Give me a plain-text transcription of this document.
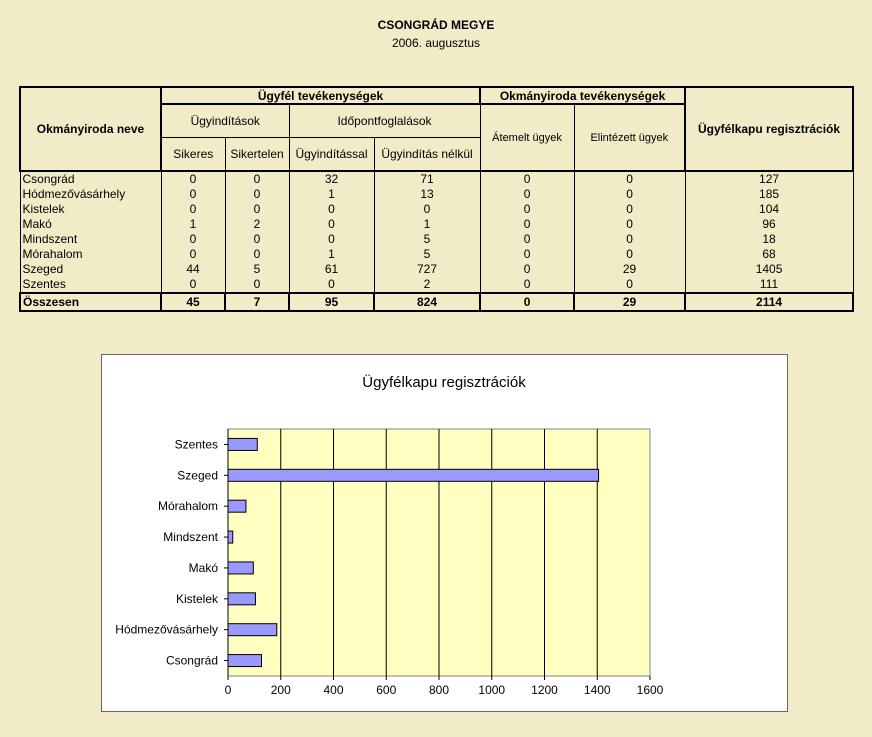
CSONGRÁD MEGYE
2006. augusztus
Okmányiroda neve	Ügyfél tevékenységek				Okmányiroda tevékenységek		Ügyfélkapu regisztrációk
	Ügyindítások		Időpontfoglalások		Átemelt ügyek	Elintézett ügyek	
	Sikeres	Sikertelen	Ügyindítással	Ügyindítás nélkül			
Csongrád	0	0	32	71	0	0	127
Hódmezővásárhely	0	0	1	13	0	0	185
Kistelek	0	0	0	0	0	0	104
Makó	1	2	0	1	0	0	96
Mindszent	0	0	0	5	0	0	18
Mórahalom	0	0	1	5	0	0	68
Szeged	44	5	61	727	0	29	1405
Szentes	0	0	0	2	0	0	111
Összesen	45	7	95	824	0	29	2114
Ügyfélkapu regisztrációk
0	200	400	600	800 1000 1200 1400 1600
Szentes
Szeged
Mórahalom
Mindszent
Makó
Kistelek
Hódmezővásárhely
Csongrád
